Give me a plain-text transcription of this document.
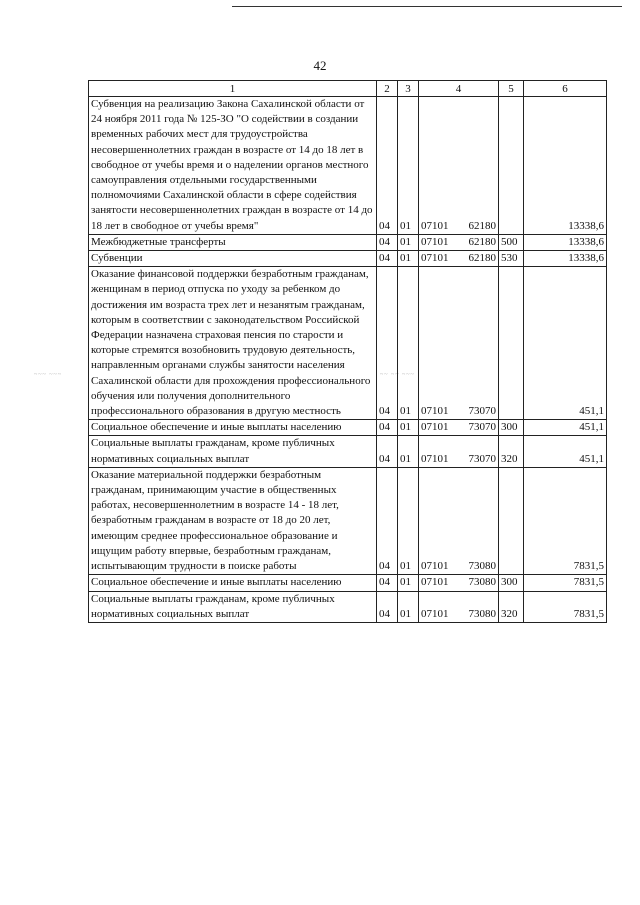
42
~~~ ~~~	~~ ~~ ~~~
1	2	3	4	5	6
Субвенция на реализацию Закона Сахалинской области от 24 ноября 2011 года № 125-ЗО "О содействии в создании временных рабочих мест для трудоустройства несовершеннолетних граждан в возрасте от 14 до 18 лет в свободное от учебы время и о наделении органов местного самоуправления отдельными государственными полномочиями Сахалинской области в сфере содействия занятости несовершеннолетних граждан в возрасте от 14 до 18 лет в свободное от учебы время"	04	01	07101 62180		13338,6
Межбюджетные трансферты	04	01	07101 62180	500	13338,6
Субвенции	04	01	07101 62180	530	13338,6
Оказание финансовой поддержки безработным гражданам, женщинам в период отпуска по уходу за ребенком до достижения им возраста трех лет и незанятым гражданам, которым в соответствии с законодательством Российской Федерации назначена страховая пенсия по старости и которые стремятся возобновить трудовую деятельность, направленным органами службы занятости населения Сахалинской области для прохождения профессионального обучения или получения дополнительного профессионального образования в другую местность	04	01	07101 73070		451,1
Социальное обеспечение и иные выплаты населению	04	01	07101 73070	300	451,1
Социальные выплаты гражданам, кроме публичных нормативных социальных выплат	04	01	07101 73070	320	451,1
Оказание материальной поддержки безработным гражданам, принимающим участие в общественных работах, несовершеннолетним в возрасте 14 - 18 лет, безработным гражданам в возрасте от 18 до 20 лет, имеющим среднее профессиональное образование и ищущим работу впервые, безработным гражданам, испытывающим трудности в поиске работы	04	01	07101 73080		7831,5
Социальное обеспечение и иные выплаты населению	04	01	07101 73080	300	7831,5
Социальные выплаты гражданам, кроме публичных нормативных социальных выплат	04	01	07101 73080	320	7831,5
